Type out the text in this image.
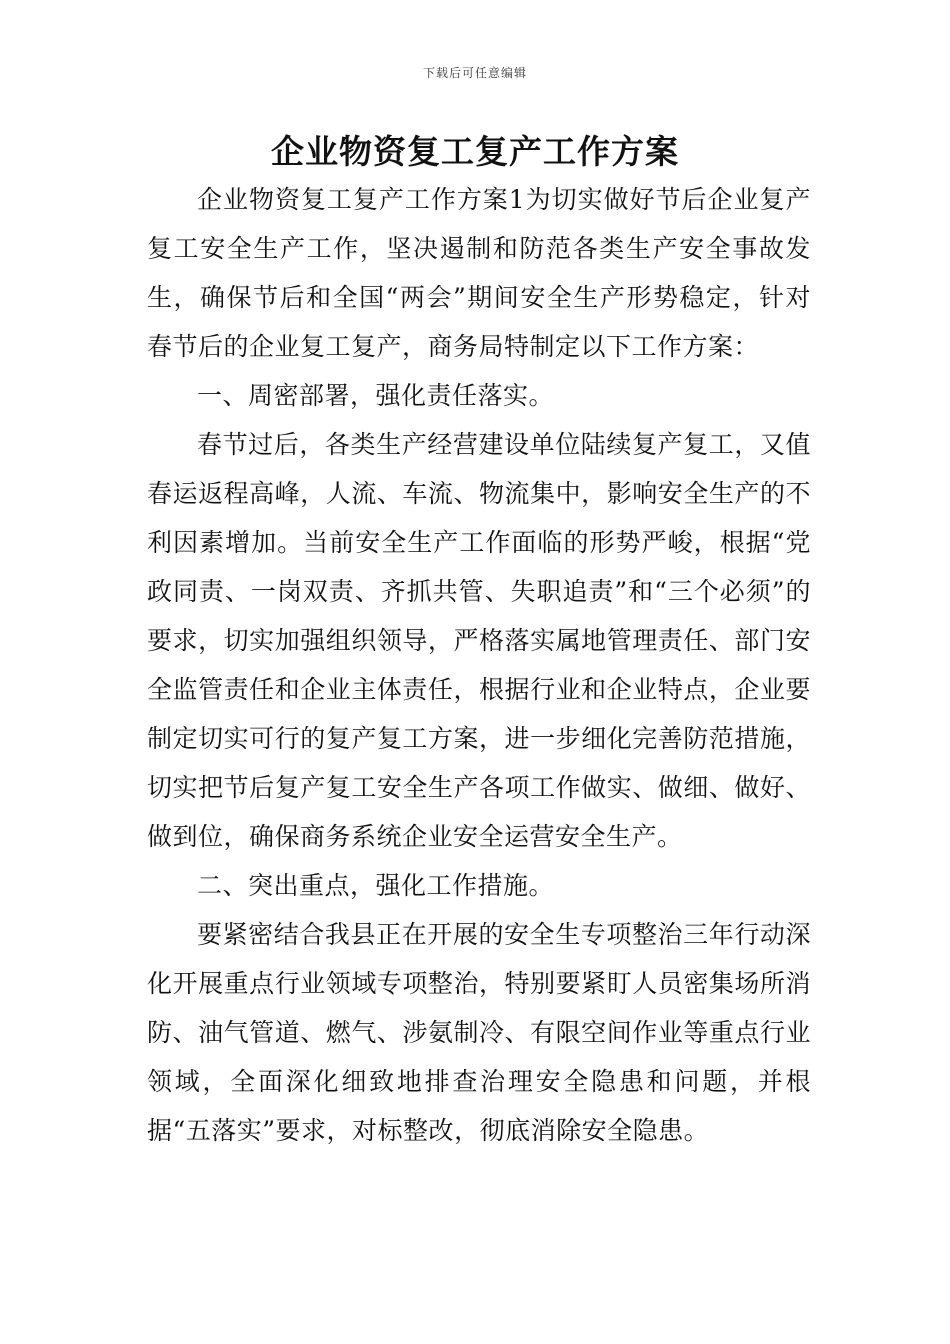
下载后可任意编辑
企业物资复工复产工作方案

企业物资复工复产工作方案1为切实做好节后企业复产复工安全生产工作，坚决遏制和防范各类生产安全事故发生，确保节后和全国“两会”期间安全生产形势稳定，针对春节后的企业复工复产，商务局特制定以下工作方案：

一、周密部署，强化责任落实。

春节过后，各类生产经营建设单位陆续复产复工，又值春运返程高峰，人流、车流、物流集中，影响安全生产的不利因素增加。当前安全生产工作面临的形势严峻，根据“党政同责、一岗双责、齐抓共管、失职追责”和“三个必须”的要求，切实加强组织领导，严格落实属地管理责任、部门安全监管责任和企业主体责任，根据行业和企业特点，企业要制定切实可行的复产复工方案，进一步细化完善防范措施，切实把节后复产复工安全生产各项工作做实、做细、做好、做到位，确保商务系统企业安全运营安全生产。

二、突出重点，强化工作措施。

要紧密结合我县正在开展的安全生专项整治三年行动深化开展重点行业领域专项整治，特别要紧盯人员密集场所消防、油气管道、燃气、涉氨制冷、有限空间作业等重点行业领域，全面深化细致地排查治理安全隐患和问题，并根据“五落实”要求，对标整改，彻底消除安全隐患。
